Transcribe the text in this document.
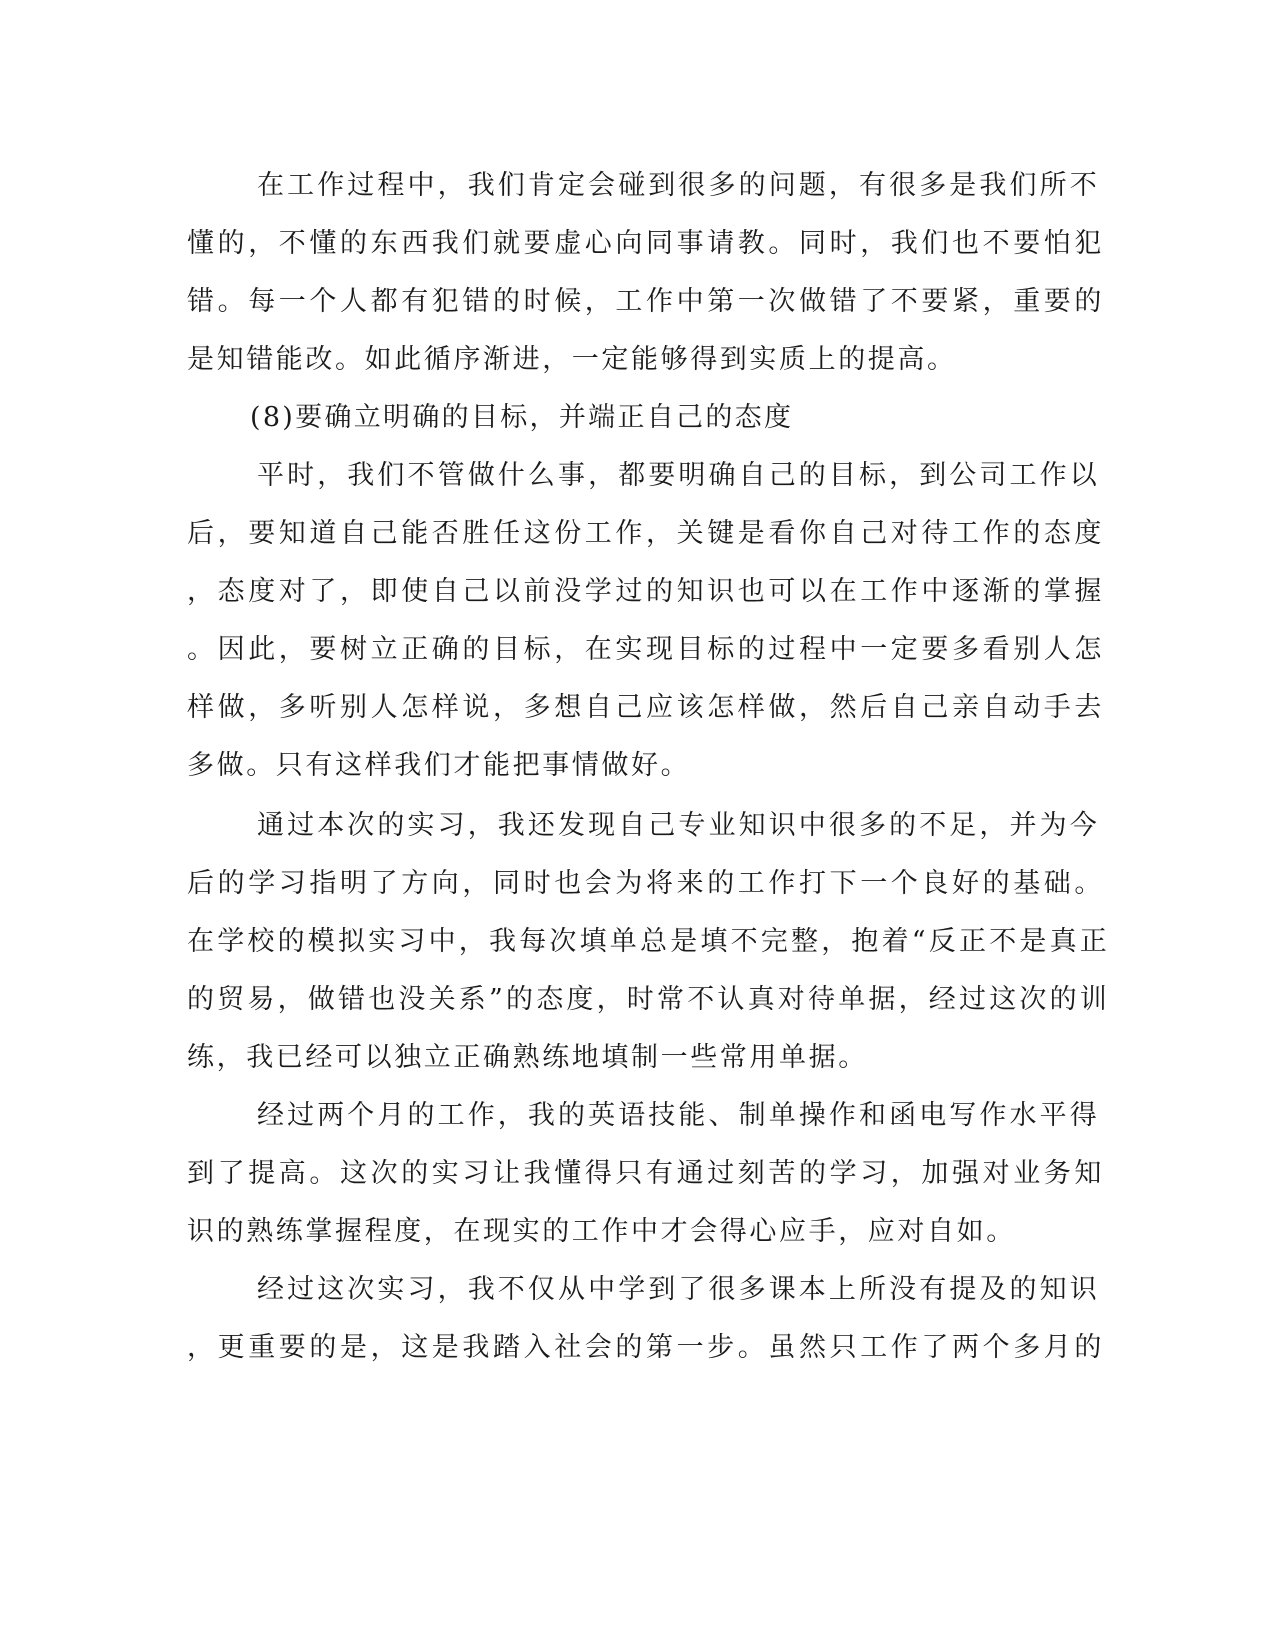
在工作过程中，我们肯定会碰到很多的问题，有很多是我们所不
懂的，不懂的东西我们就要虚心向同事请教。同时，我们也不要怕犯
错。每一个人都有犯错的时候，工作中第一次做错了不要紧，重要的
是知错能改。如此循序渐进，一定能够得到实质上的提高。
(8)要确立明确的目标，并端正自己的态度
平时，我们不管做什么事，都要明确自己的目标，到公司工作以
后，要知道自己能否胜任这份工作，关键是看你自己对待工作的态度
，态度对了，即使自己以前没学过的知识也可以在工作中逐渐的掌握
。因此，要树立正确的目标，在实现目标的过程中一定要多看别人怎
样做，多听别人怎样说，多想自己应该怎样做，然后自己亲自动手去
多做。只有这样我们才能把事情做好。
通过本次的实习，我还发现自己专业知识中很多的不足，并为今
后的学习指明了方向，同时也会为将来的工作打下一个良好的基础。
在学校的模拟实习中，我每次填单总是填不完整，抱着“反正不是真正
的贸易，做错也没关系”的态度，时常不认真对待单据，经过这次的训
练，我已经可以独立正确熟练地填制一些常用单据。
经过两个月的工作，我的英语技能、制单操作和函电写作水平得
到了提高。这次的实习让我懂得只有通过刻苦的学习，加强对业务知
识的熟练掌握程度，在现实的工作中才会得心应手，应对自如。
经过这次实习，我不仅从中学到了很多课本上所没有提及的知识
，更重要的是，这是我踏入社会的第一步。虽然只工作了两个多月的
